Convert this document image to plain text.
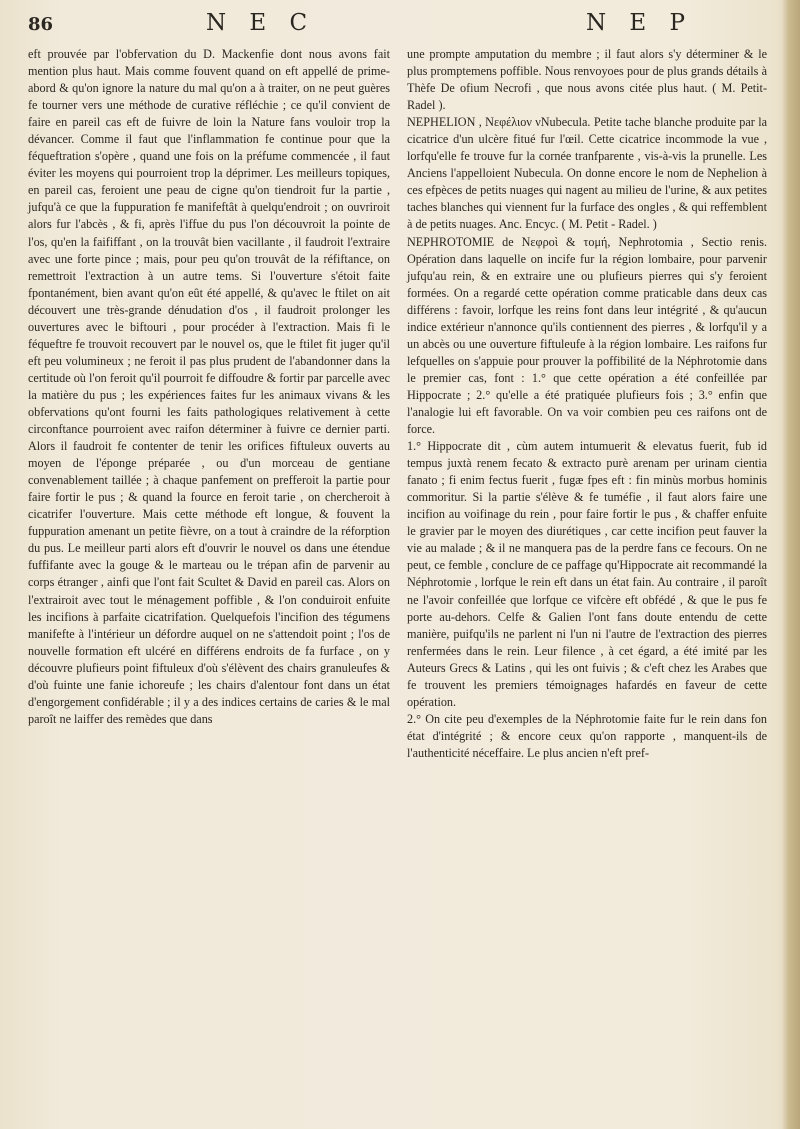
86	N E C	N E P

eft prouvée par l'obfervation du D. Mackenfie dont nous avons fait mention plus haut. Mais comme fouvent quand on eft appellé de prime-abord & qu'on ignore la nature du mal qu'on a à traiter, on ne peut guères fe tourner vers une méthode de curative réfléchie ; ce qu'il convient de faire en pareil cas eft de fuivre de loin la Nature fans vouloir trop la dévancer. Comme il faut que l'inflammation fe continue pour que la féqueftration s'opère , quand une fois on la préfume commencée , il faut éviter les moyens qui pourroient trop la déprimer. Les meilleurs topiques, en pareil cas, feroient une peau de cigne qu'on tiendroit fur la partie , jufqu'à ce que la fuppuration fe manifeftât à quelqu'endroit ; on ouvriroit alors fur l'abcès , & fi, après l'iffue du pus l'on découvroit la pointe de l'os, qu'en la faififfant , on la trouvât bien vacillante , il faudroit l'extraire avec une forte pince ; mais, pour peu qu'on trouvât de la réfiftance, on remettroit l'extraction à un autre tems. Si l'ouverture s'étoit faite fpontanément, bien avant qu'on eût été appellé, & qu'avec le ftilet on ait découvert une très-grande dénudation d'os , il faudroit prolonger les ouvertures avec le biftouri , pour procéder à l'extraction. Mais fi le féqueftre fe trouvoit recouvert par le nouvel os, que le ftilet fit juger qu'il eft peu volumineux ; ne feroit il pas plus prudent de l'abandonner dans la certitude où l'on feroit qu'il pourroit fe diffoudre & fortir par parcelle avec la matière du pus ; les expériences faites fur les animaux vivans & les obfervations qu'ont fourni les faits pathologiques relativement à cette circonftance pourroient avec raifon déterminer à fuivre ce dernier parti. Alors il faudroit fe contenter de tenir les orifices fiftuleux ouverts au moyen de l'éponge préparée , ou d'un morceau de gentiane convenablement taillée ; à chaque panfement on prefferoit la partie pour faire fortir le pus ; & quand la fource en feroit tarie , on chercheroit à cicatrifer l'ouverture. Mais cette méthode eft longue, & fouvent la fuppuration amenant un petite fièvre, on a tout à craindre de la réforption du pus. Le meilleur parti alors eft d'ouvrir le nouvel os dans une étendue fuffifante avec la gouge & le marteau ou le trépan afin de parvenir au corps étranger , ainfi que l'ont fait Scultet & David en pareil cas. Alors on l'extrairoit avec tout le ménagement poffible , & l'on conduiroit enfuite les incifions à parfaite cicatrifation. Quelquefois l'incifion des tégumens manifefte à l'intérieur un défordre auquel on ne s'attendoit point ; l'os de nouvelle formation eft ulcéré en différens endroits de fa furface , on y découvre plufieurs point fiftuleux d'où s'élèvent des chairs granuleufes & d'où fuinte une fanie ichoreufe ; les chairs d'alentour font dans un état d'engorgement confidérable ; il y a des indices certains de caries & le mal paroît ne laiffer des remèdes que dans

une prompte amputation du membre ; il faut alors s'y déterminer & le plus promptemens poffible. Nous renvoyoes pour de plus grands détails à Thèfe De ofium Necrofi , que nous avons citée plus haut. ( M. Petit-Radel ).

NEPHELION , Νεφέλιον νNubecula. Petite tache blanche produite par la cicatrice d'un ulcère fitué fur l'œil. Cette cicatrice incommode la vue , lorfqu'elle fe trouve fur la cornée tranfparente , vis-à-vis la prunelle. Les Anciens l'appelloient Nubecula. On donne encore le nom de Nephelion à ces efpèces de petits nuages qui nagent au milieu de l'urine, & aux petites taches blanches qui viennent fur la furface des ongles , & qui reffemblent à de petits nuages. Anc. Encyc. ( M. Petit - Radel. )

NEPHROTOMIE de Νεφροὶ & τομή, Nephrotomia , Sectio renis. Opération dans laquelle on incife fur la région lombaire, pour parvenir jufqu'au rein, & en extraire une ou plufieurs pierres qui s'y feroient formées. On a regardé cette opération comme praticable dans deux cas différens : favoir, lorfque les reins font dans leur intégrité , & qu'aucun indice extérieur n'annonce qu'ils contiennent des pierres , & lorfqu'il y a un abcès ou une ouverture fiftuleufe à la région lombaire. Les raifons fur lefquelles on s'appuie pour prouver la poffibilité de la Néphrotomie dans le premier cas, font : 1.° que cette opération a été confeillée par Hippocrate ; 2.° qu'elle a été pratiquée plufieurs fois ; 3.° enfin que l'analogie lui eft favorable. On va voir combien peu ces raifons ont de force.

1.° Hippocrate dit , cùm autem intumuerit & elevatus fuerit, fub id tempus juxtà renem fecato & extracto purè arenam per urinam cientia fanato ; fi enim fectus fuerit , fugæ fpes eft : fin minùs morbus hominis commoritur. Si la partie s'élève & fe tuméfie , il faut alors faire une incifion au voifinage du rein , pour faire fortir le pus , & chaffer enfuite le gravier par le moyen des diurétiques , car cette incifion peut fauver la vie au malade ; & il ne manquera pas de la perdre fans ce fecours. On ne peut, ce femble , conclure de ce paffage qu'Hippocrate ait recommandé la Néphrotomie , lorfque le rein eft dans un état fain. Au contraire , il paroît ne l'avoir confeillée que lorfque ce vifcère eft obfédé , & que le pus fe porte au-dehors. Celfe & Galien l'ont fans doute entendu de cette manière, puifqu'ils ne parlent ni l'un ni l'autre de l'extraction des pierres renfermées dans le rein. Leur filence , à cet égard, a été imité par les Auteurs Grecs & Latins , qui les ont fuivis ; & c'eft chez les Arabes que fe trouvent les premiers témoignages hafardés en faveur de cette opération.

2.° On cite peu d'exemples de la Néphrotomie faite fur le rein dans fon état d'intégrité ; & encore ceux qu'on rapporte , manquent-ils de l'authenticité néceffaire. Le plus ancien n'eft pref-
